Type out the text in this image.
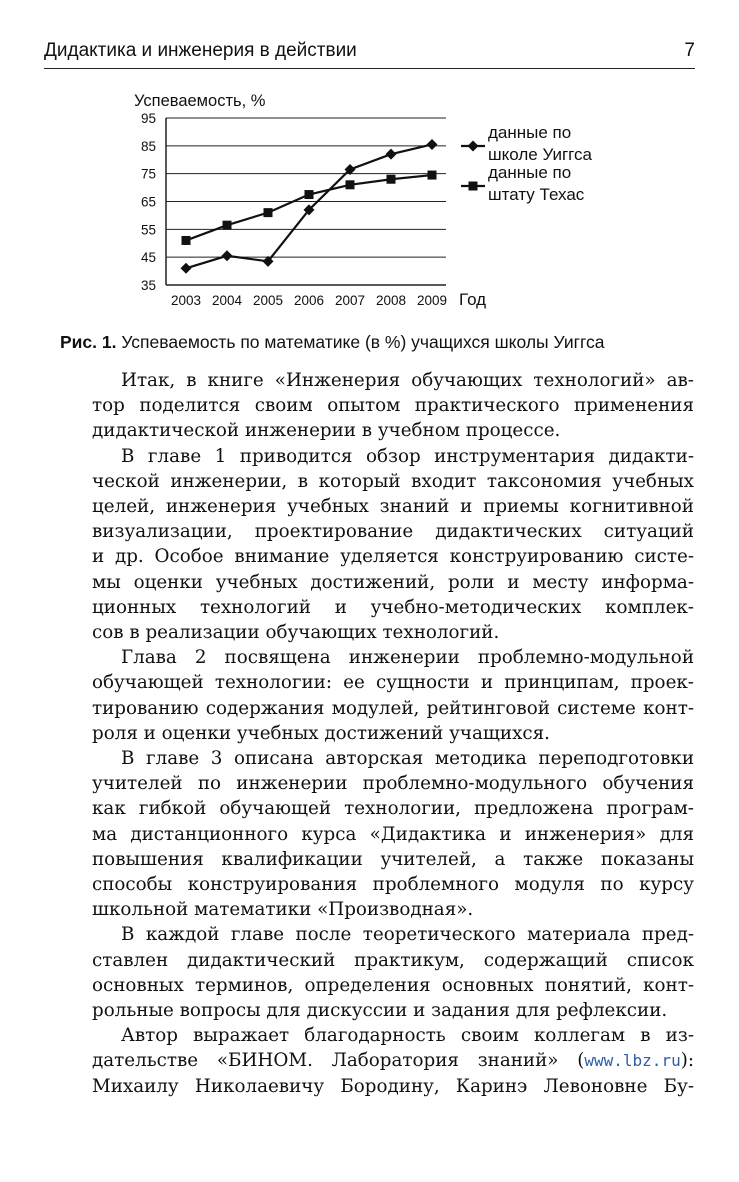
Дидактика и инженерия в действии	7
35
45
55
65
75
85
95
2003 2004 2005 2006 2007 2008 2009
Успеваемость, %
Год
данные по
школе Уиггса
данные по
штату Техас
Рис. 1. Успеваемость по математике (в %) учащихся школы Уиггса
Итак, в книге «Инженерия обучающих технологий» ав-
тор поделится своим опытом практического применения
дидактической инженерии в учебном процессе.
В главе 1 приводится обзор инструментария дидакти-
ческой инженерии, в который входит таксономия учебных
целей, инженерия учебных знаний и приемы когнитивной
визуализации, проектирование дидактических ситуаций
и др. Особое внимание уделяется конструированию систе-
мы оценки учебных достижений, роли и месту информа-
ционных технологий и учебно-методических комплек-
сов в реализации обучающих технологий.
Глава 2 посвящена инженерии проблемно-модульной
обучающей технологии: ее сущности и принципам, проек-
тированию содержания модулей, рейтинговой системе конт-
роля и оценки учебных достижений учащихся.
В главе 3 описана авторская методика переподготовки
учителей по инженерии проблемно-модульного обучения
как гибкой обучающей технологии, предложена програм-
ма дистанционного курса «Дидактика и инженерия» для
повышения квалификации учителей, а также показаны
способы конструирования проблемного модуля по курсу
школьной математики «Производная».
В каждой главе после теоретического материала пред-
ставлен дидактический практикум, содержащий список
основных терминов, определения основных понятий, конт-
рольные вопросы для дискуссии и задания для рефлексии.
Автор выражает благодарность своим коллегам в из-
дательстве «БИНОМ. Лаборатория знаний» (www.lbz.ru):
Михаилу Николаевичу Бородину, Каринэ Левоновне Бу-
